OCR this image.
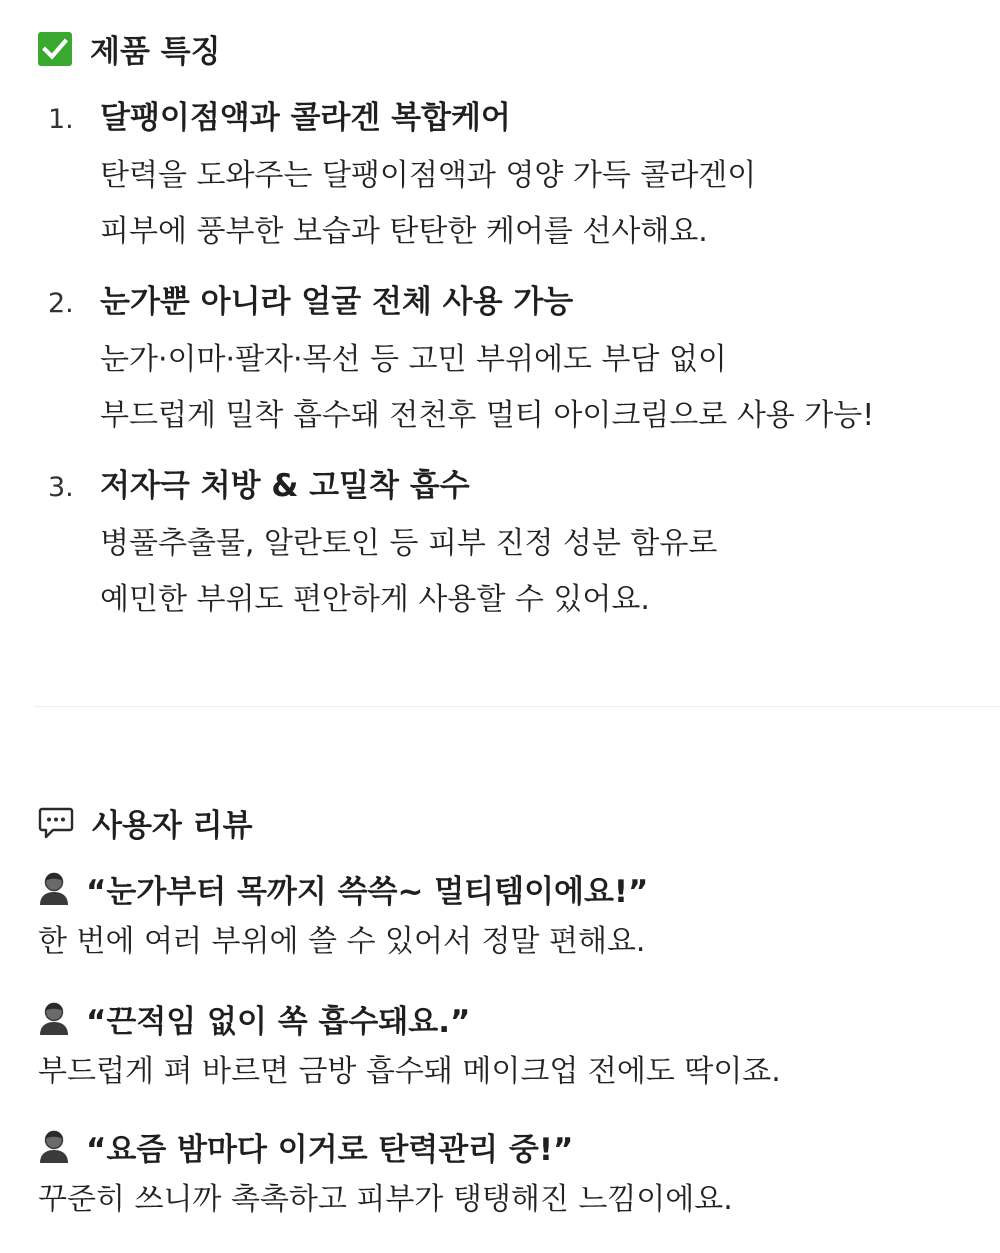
제품 특징
1. 달팽이점액과 콜라겐 복합케어
탄력을 도와주는 달팽이점액과 영양 가득 콜라겐이
피부에 풍부한 보습과 탄탄한 케어를 선사해요.
2. 눈가뿐 아니라 얼굴 전체 사용 가능
눈가·이마·팔자·목선 등 고민 부위에도 부담 없이
부드럽게 밀착 흡수돼 전천후 멀티 아이크림으로 사용 가능!
3. 저자극 처방 & 고밀착 흡수
병풀추출물, 알란토인 등 피부 진정 성분 함유로
예민한 부위도 편안하게 사용할 수 있어요.
사용자 리뷰
“눈가부터 목까지 쓱쓱~ 멀티템이에요!”
한 번에 여러 부위에 쓸 수 있어서 정말 편해요.
“끈적임 없이 쏙 흡수돼요.”
부드럽게 펴 바르면 금방 흡수돼 메이크업 전에도 딱이죠.
“요즘 밤마다 이거로 탄력관리 중!”
꾸준히 쓰니까 촉촉하고 피부가 탱탱해진 느낌이에요.
